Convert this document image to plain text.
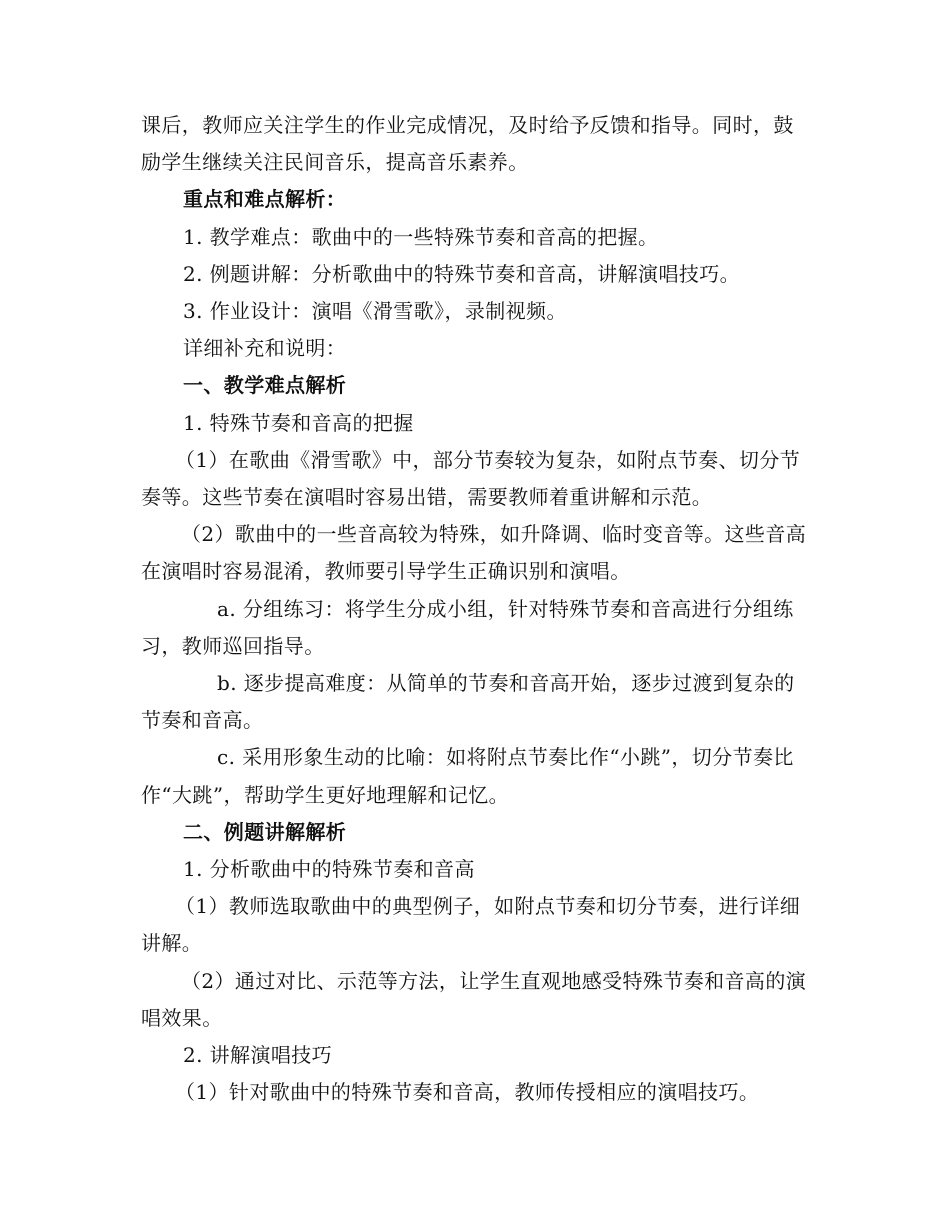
课后，教师应关注学生的作业完成情况，及时给予反馈和指导。同时，鼓励学生继续关注民间音乐，提高音乐素养。

重点和难点解析：

1. 教学难点：歌曲中的一些特殊节奏和音高的把握。

2. 例题讲解：分析歌曲中的特殊节奏和音高，讲解演唱技巧。

3. 作业设计：演唱《滑雪歌》，录制视频。

详细补充和说明：

一、教学难点解析

1. 特殊节奏和音高的把握

（1）在歌曲《滑雪歌》中，部分节奏较为复杂，如附点节奏、切分节奏等。这些节奏在演唱时容易出错，需要教师着重讲解和示范。

（2）歌曲中的一些音高较为特殊，如升降调、临时变音等。这些音高在演唱时容易混淆，教师要引导学生正确识别和演唱。

a. 分组练习：将学生分成小组，针对特殊节奏和音高进行分组练习，教师巡回指导。

b. 逐步提高难度：从简单的节奏和音高开始，逐步过渡到复杂的节奏和音高。

c. 采用形象生动的比喻：如将附点节奏比作“小跳”，切分节奏比作“大跳”，帮助学生更好地理解和记忆。

二、例题讲解解析

1. 分析歌曲中的特殊节奏和音高

（1）教师选取歌曲中的典型例子，如附点节奏和切分节奏，进行详细讲解。

（2）通过对比、示范等方法，让学生直观地感受特殊节奏和音高的演唱效果。

2. 讲解演唱技巧

（1）针对歌曲中的特殊节奏和音高，教师传授相应的演唱技巧。
